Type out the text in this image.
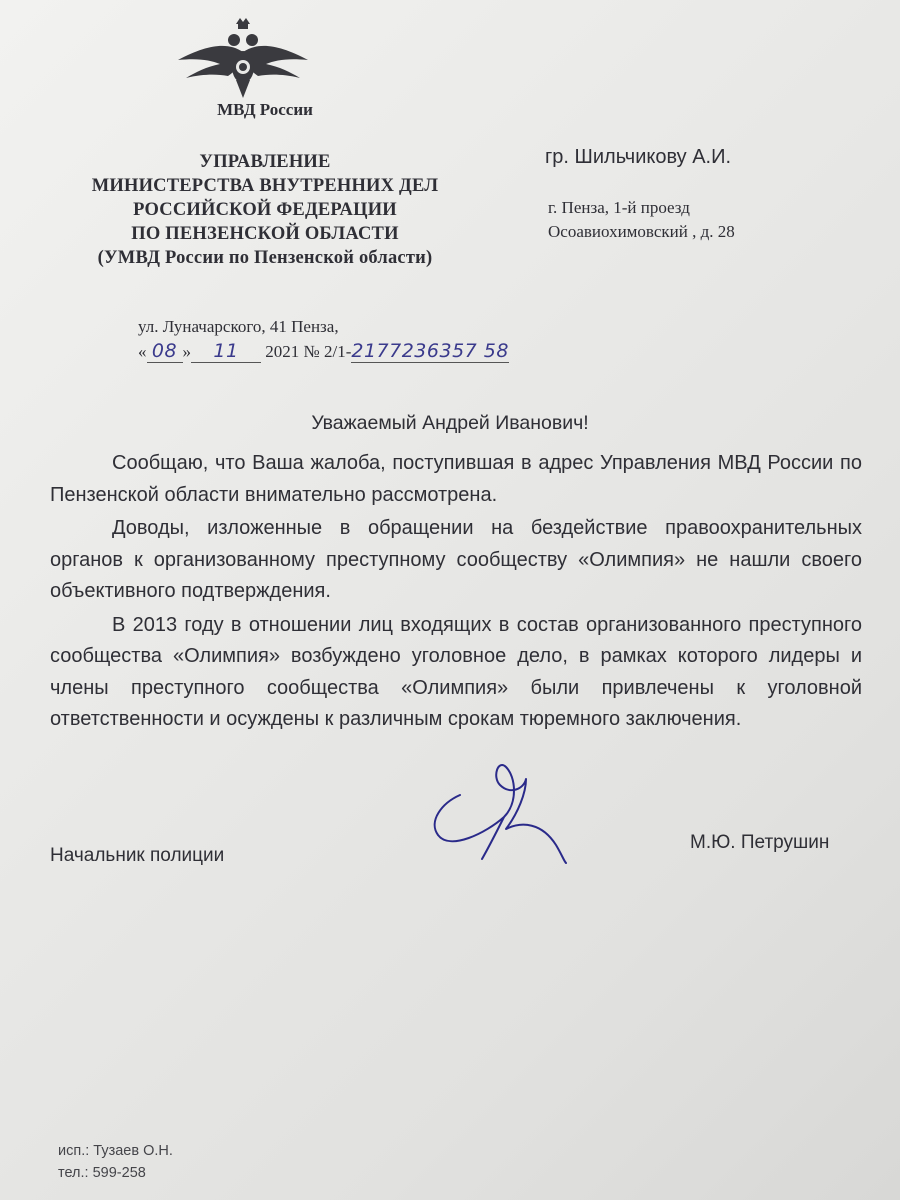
МВД России
УПРАВЛЕНИЕ
МИНИСТЕРСТВА ВНУТРЕННИХ ДЕЛ
РОССИЙСКОЙ ФЕДЕРАЦИИ
ПО ПЕНЗЕНСКОЙ ОБЛАСТИ
(УМВД России по Пензенской области)
гр. Шильчикову А.И.
г. Пенза, 1-й проезд
Осоавиохимовский , д. 28
ул. Луначарского, 41 Пенза,
« 08 » 11 2021 № 2/1-2177236357 58
Уважаемый Андрей Иванович!

Сообщаю, что Ваша жалоба, поступившая в адрес Управления МВД России по Пензенской области внимательно рассмотрена.

Доводы, изложенные в обращении на бездействие правоохранительных органов к организованному преступному сообществу «Олимпия» не нашли своего объективного подтверждения.

В 2013 году в отношении лиц входящих в состав организованного преступного сообщества «Олимпия» возбуждено уголовное дело, в рамках которого лидеры и члены преступного сообщества «Олимпия» были привлечены к уголовной ответственности и осуждены к различным срокам тюремного заключения.

Начальник полиции
М.Ю. Петрушин
исп.: Тузаев О.Н.
тел.: 599-258
